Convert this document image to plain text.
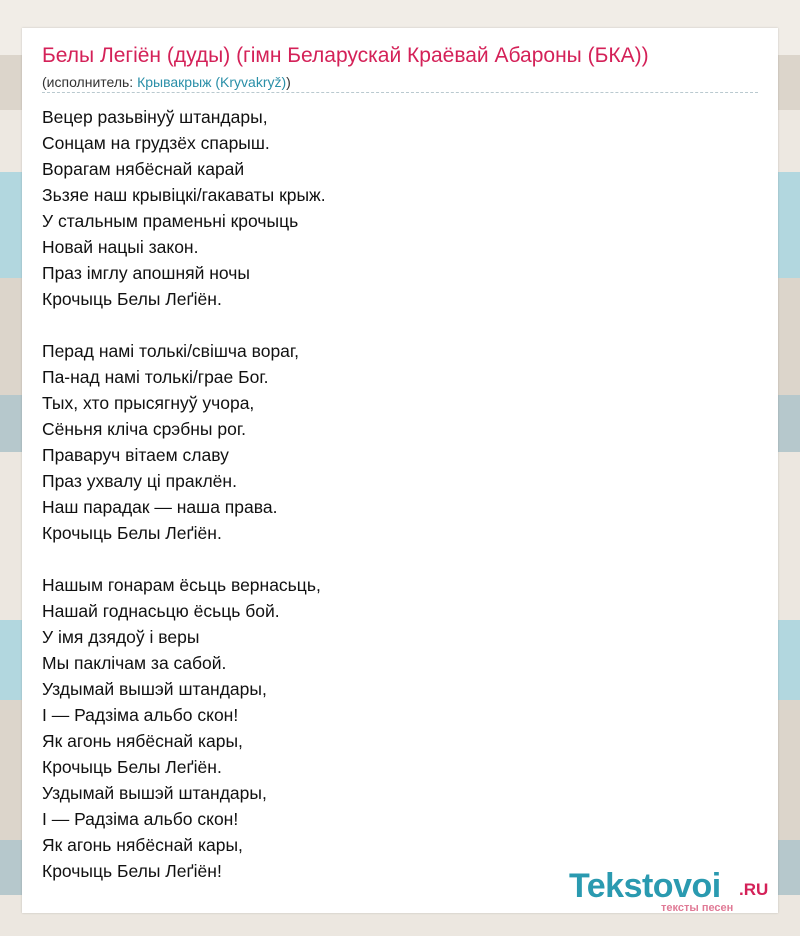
Белы Легіён (дуды) (гімн Беларускай Краёвай Абароны (БКА))
(исполнитель: Крывакрыж (Kryvakryž))
Вецер разьвінуў штандары,
Сонцам на грудзёх спарыш.
Ворагам нябёснай карай
Зьзяе наш крывіцкі/гакаваты крыж.
У стальным праменьні крочыць
Новай нацыі закон.
Праз імглу апошняй ночы
Крочыць Белы Леґіён.
Перад намі толькі/свішча вораг,
Па-над намі толькі/грае Бог.
Тых, хто прысягнуў учора,
Сёньня кліча срэбны рог.
Праваруч вітаем славу
Праз ухвалу ці праклён.
Наш парадак — наша права.
Крочыць Белы Леґіён.
Нашым гонарам ёсьць вернасьць,
Нашай годнасьцю ёсьць бой.
У імя дзядоў і веры
Мы паклічам за сабой.
Уздымай вышэй штандары,
І — Радзіма альбо скон!
Як агонь нябёснай кары,
Крочыць Белы Леґіён.
Уздымай вышэй штандары,
І — Радзіма альбо скон!
Як агонь нябёснай кары,
Крочыць Белы Леґіён!	Tekstovoi .RU
тексты песен
